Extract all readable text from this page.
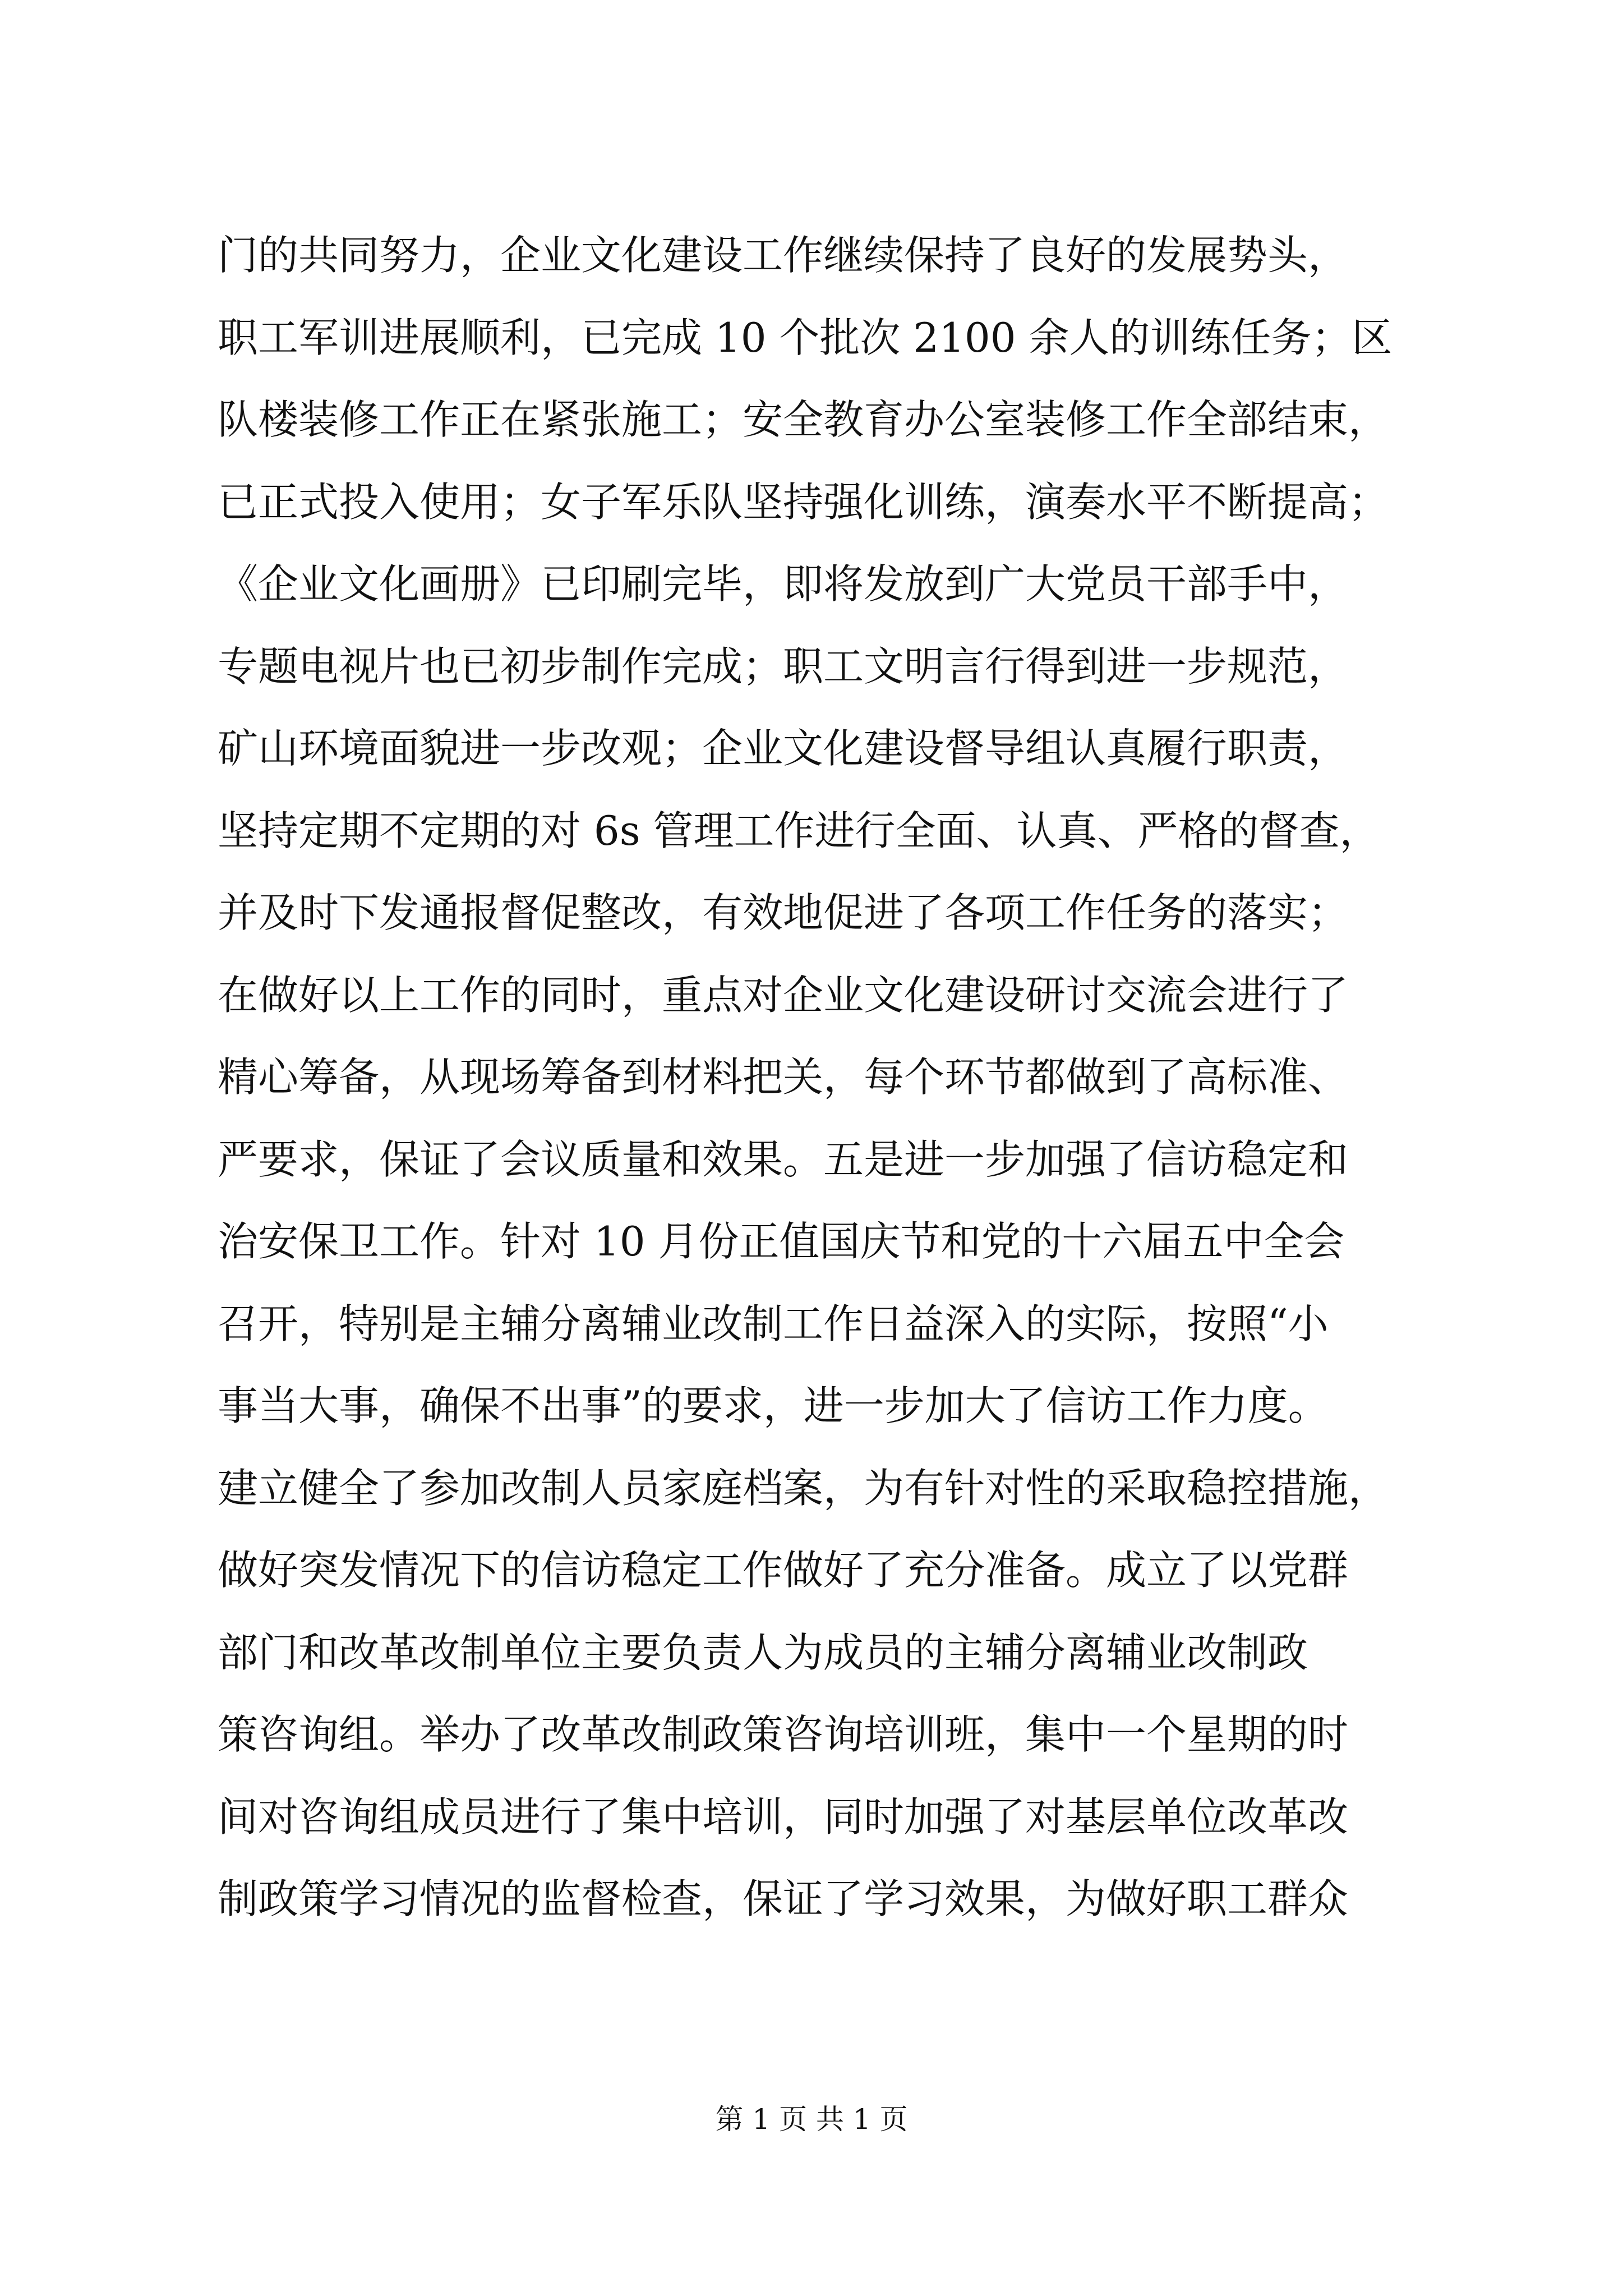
门的共同努力，企业文化建设工作继续保持了良好的发展势头，
职工军训进展顺利，已完成 10 个批次 2100 余人的训练任务；区
队楼装修工作正在紧张施工；安全教育办公室装修工作全部结束，
已正式投入使用；女子军乐队坚持强化训练，演奏水平不断提高；
《企业文化画册》已印刷完毕，即将发放到广大党员干部手中，
专题电视片也已初步制作完成；职工文明言行得到进一步规范，
矿山环境面貌进一步改观；企业文化建设督导组认真履行职责，
坚持定期不定期的对 6s 管理工作进行全面、认真、严格的督查，
并及时下发通报督促整改，有效地促进了各项工作任务的落实；
在做好以上工作的同时，重点对企业文化建设研讨交流会进行了
精心筹备，从现场筹备到材料把关，每个环节都做到了高标准、
严要求，保证了会议质量和效果。五是进一步加强了信访稳定和
治安保卫工作。针对 10 月份正值国庆节和党的十六届五中全会
召开，特别是主辅分离辅业改制工作日益深入的实际，按照“小
事当大事，确保不出事”的要求，进一步加大了信访工作力度。
建立健全了参加改制人员家庭档案，为有针对性的采取稳控措施，
做好突发情况下的信访稳定工作做好了充分准备。成立了以党群
部门和改革改制单位主要负责人为成员的主辅分离辅业改制政
策咨询组。举办了改革改制政策咨询培训班，集中一个星期的时
间对咨询组成员进行了集中培训，同时加强了对基层单位改革改
制政策学习情况的监督检查，保证了学习效果，为做好职工群众
第 1 页 共 1 页
